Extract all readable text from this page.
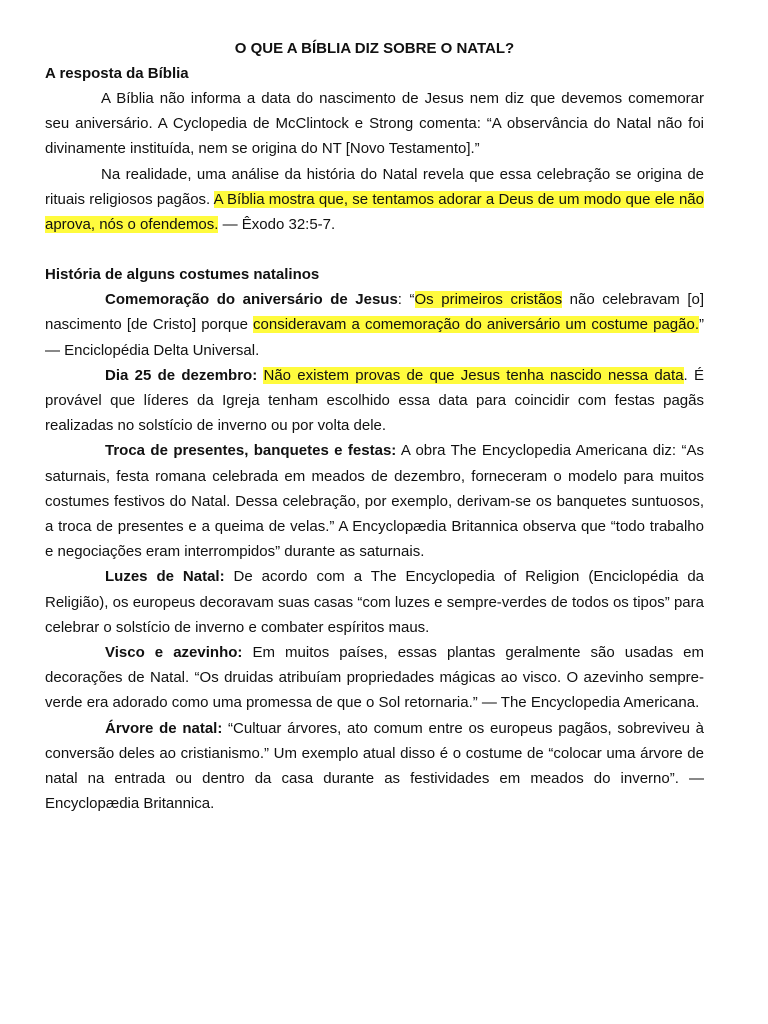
O QUE A BÍBLIA DIZ SOBRE O NATAL?

A resposta da Bíblia

A Bíblia não informa a data do nascimento de Jesus nem diz que devemos comemorar seu aniversário. A Cyclopedia de McClintock e Strong comenta: “A observância do Natal não foi divinamente instituída, nem se origina do NT [Novo Testamento].”

Na realidade, uma análise da história do Natal revela que essa celebração se origina de rituais religiosos pagãos. A Bíblia mostra que, se tentamos adorar a Deus de um modo que ele não aprova, nós o ofendemos. — Êxodo 32:5-7.

História de alguns costumes natalinos

Comemoração do aniversário de Jesus: “Os primeiros cristãos não celebravam [o] nascimento [de Cristo] porque consideravam a comemoração do aniversário um costume pagão.” — Enciclopédia Delta Universal.

Dia 25 de dezembro: Não existem provas de que Jesus tenha nascido nessa data. É provável que líderes da Igreja tenham escolhido essa data para coincidir com festas pagãs realizadas no solstício de inverno ou por volta dele.

Troca de presentes, banquetes e festas: A obra The Encyclopedia Americana diz: “As saturnais, festa romana celebrada em meados de dezembro, forneceram o modelo para muitos costumes festivos do Natal. Dessa celebração, por exemplo, derivam-se os banquetes suntuosos, a troca de presentes e a queima de velas.” A Encyclopædia Britannica observa que “todo trabalho e negociações eram interrompidos” durante as saturnais.

Luzes de Natal: De acordo com a The Encyclopedia of Religion (Enciclopédia da Religião), os europeus decoravam suas casas “com luzes e sempre-verdes de todos os tipos” para celebrar o solstício de inverno e combater espíritos maus.

Visco e azevinho: Em muitos países, essas plantas geralmente são usadas em decorações de Natal. “Os druidas atribuíam propriedades mágicas ao visco. O azevinho sempre-verde era adorado como uma promessa de que o Sol retornaria.” — The Encyclopedia Americana.

Árvore de natal: “Cultuar árvores, ato comum entre os europeus pagãos, sobreviveu à conversão deles ao cristianismo.” Um exemplo atual disso é o costume de “colocar uma árvore de natal na entrada ou dentro da casa durante as festividades em meados do inverno”. — Encyclopædia Britannica.
